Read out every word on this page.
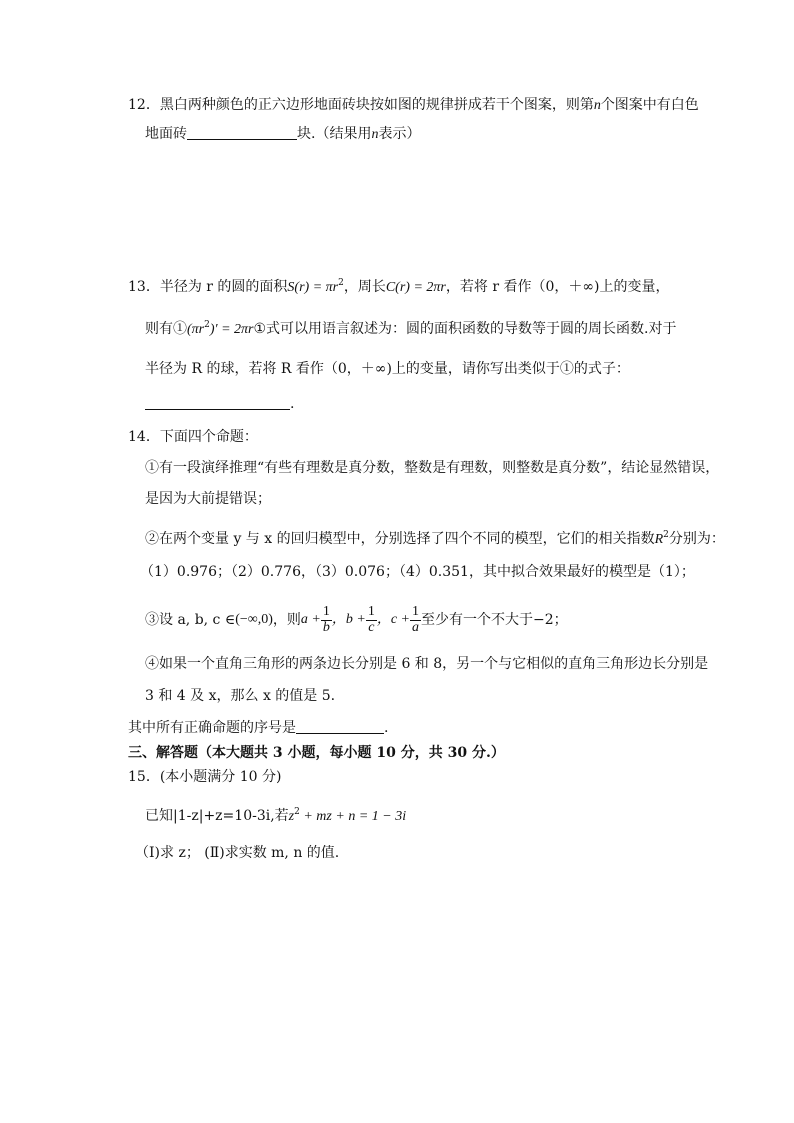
12．黑白两种颜色的正六边形地面砖块按如图的规律拼成若干个图案，则第n个图案中有白色
地面砖	块.（结果用n表示）
13．半径为 r 的圆的面积$S(r) = \pi r^2$，周长C(r) = 2πr，若将 r 看作（0，＋∞)上的变量，
则有$①(\pi r^2)'$ = 2πr①式可以用语言叙述为：圆的面积函数的导数等于圆的周长函数.对于
半径为 R 的球，若将 R 看作（0，＋∞)上的变量，请你写出类似于①的式子：
.
14．下面四个命题：
①有一段演绎推理“有些有理数是真分数，整数是有理数，则整数是真分数”，结论显然错误，
是因为大前提错误；
②在两个变量 y 与 x 的回归模型中，分别选择了四个不同的模型，它们的相关指数$R^2$分别为：
（1）0.976；（2）0.776，（3）0.076；（4）0.351，其中拟合效果最好的模型是（1）；
③设 a, b, c ∈ (−∞,0) ，则 $a + \frac{1}{b}$ ，$b + \frac{1}{c}$ ，$c + \frac{1}{a}$ 至少有一个不大于−2；
④如果一个直角三角形的两条边长分别是 6 和 8，另一个与它相似的直角三角形边长分别是
3 和 4 及 x，那么 x 的值是 5.
其中所有正确命题的序号是	.
三、解答题（本大题共 3 小题，每小题 10 分，共 30 分.）
15．(本小题满分 10 分)
已知|1-z|+z=10-3i,若$z^2$ + mz + n = 1 − 3i
（Ⅰ)求 z； (Ⅱ)求实数 m, n 的值.
